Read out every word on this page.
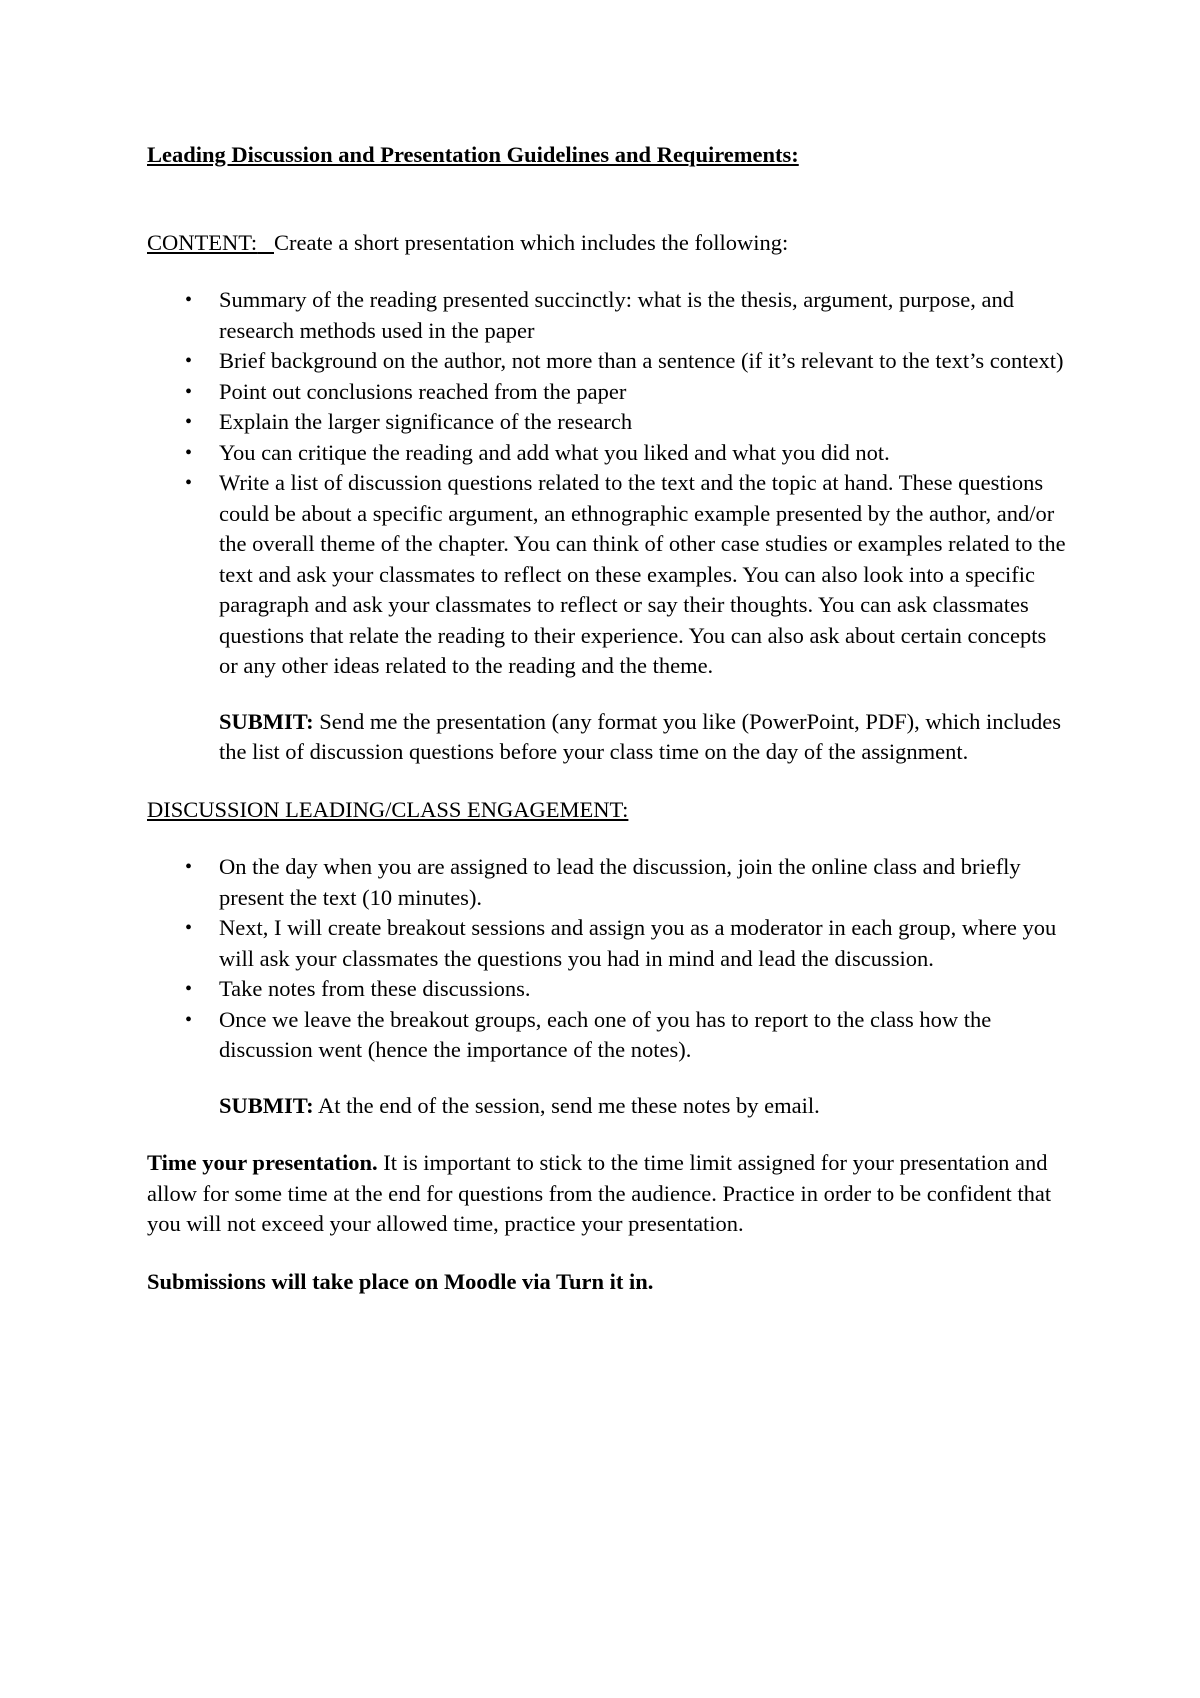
Leading Discussion and Presentation Guidelines and Requirements:

CONTENT: Create a short presentation which includes the following:

• Summary of the reading presented succinctly: what is the thesis, argument, purpose, and research methods used in the paper
• Brief background on the author, not more than a sentence (if it’s relevant to the text’s context)
• Point out conclusions reached from the paper
• Explain the larger significance of the research
• You can critique the reading and add what you liked and what you did not.
• Write a list of discussion questions related to the text and the topic at hand. These questions could be about a specific argument, an ethnographic example presented by the author, and/or the overall theme of the chapter. You can think of other case studies or examples related to the text and ask your classmates to reflect on these examples. You can also look into a specific paragraph and ask your classmates to reflect or say their thoughts. You can ask classmates questions that relate the reading to their experience. You can also ask about certain concepts or any other ideas related to the reading and the theme.

SUBMIT: Send me the presentation (any format you like (PowerPoint, PDF), which includes the list of discussion questions before your class time on the day of the assignment.

DISCUSSION LEADING/CLASS ENGAGEMENT:

• On the day when you are assigned to lead the discussion, join the online class and briefly present the text (10 minutes).
• Next, I will create breakout sessions and assign you as a moderator in each group, where you will ask your classmates the questions you had in mind and lead the discussion.
• Take notes from these discussions.
• Once we leave the breakout groups, each one of you has to report to the class how the discussion went (hence the importance of the notes).

SUBMIT: At the end of the session, send me these notes by email.

Time your presentation. It is important to stick to the time limit assigned for your presentation and allow for some time at the end for questions from the audience. Practice in order to be confident that you will not exceed your allowed time, practice your presentation.

Submissions will take place on Moodle via Turn it in.
